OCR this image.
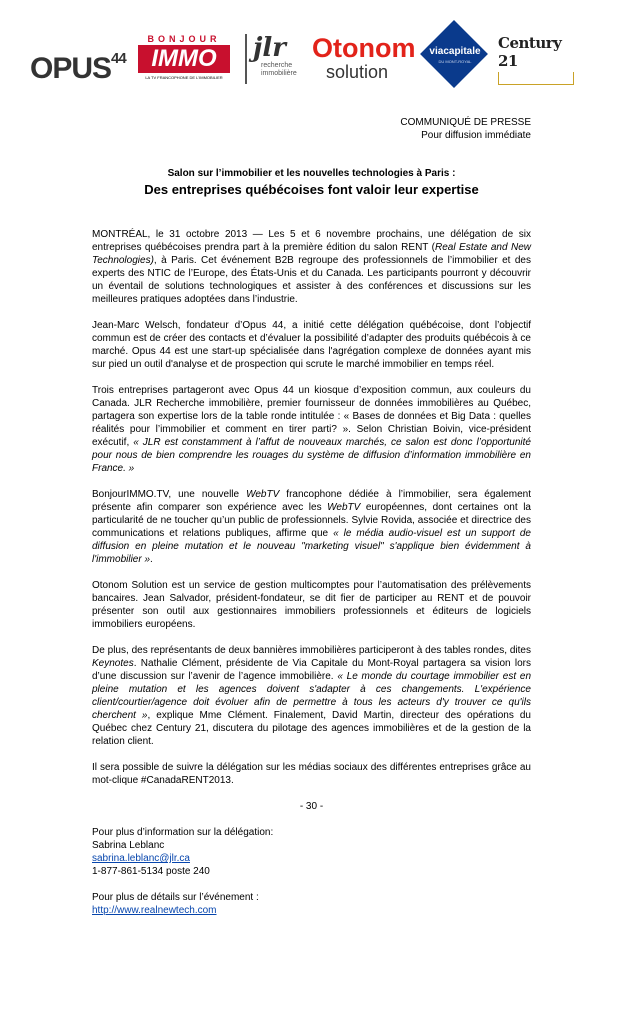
OPUS$^{44}$
BONJOUR
IMMO
LA TV FRANCOPHONE DE L'IMMOBILIER
jlr
recherche
immobilière
Otonom
solution
viacapitale
DU MONT-ROYAL
Century 21
COMMUNIQUÉ DE PRESSE
Pour diffusion immédiate
Salon sur l’immobilier et les nouvelles technologies à Paris :
Des entreprises québécoises font valoir leur expertise

MONTRÉAL, le 31 octobre 2013 — Les 5 et 6 novembre prochains, une délégation de six entreprises québécoises prendra part à la première édition du salon RENT (Real Estate and New Technologies), à Paris. Cet événement B2B regroupe des professionnels de l’immobilier et des experts des NTIC de l’Europe, des États-Unis et du Canada. Les participants pourront y découvrir un éventail de solutions technologiques et assister à des conférences et discussions sur les meilleures pratiques adoptées dans l’industrie.

Jean-Marc Welsch, fondateur d’Opus 44, a initié cette délégation québécoise, dont l’objectif commun est de créer des contacts et d’évaluer la possibilité d’adapter des produits québécois à ce marché. Opus 44 est une start-up spécialisée dans l'agrégation complexe de données ayant mis sur pied un outil d'analyse et de prospection qui scrute le marché immobilier en temps réel.

Trois entreprises partageront avec Opus 44 un kiosque d’exposition commun, aux couleurs du Canada. JLR Recherche immobilière, premier fournisseur de données immobilières au Québec, partagera son expertise lors de la table ronde intitulée : « Bases de données et Big Data : quelles réalités pour l’immobilier et comment en tirer parti? ». Selon Christian Boivin, vice-président exécutif, « JLR est constamment à l’affut de nouveaux marchés, ce salon est donc l’opportunité pour nous de bien comprendre les rouages du système de diffusion d’information immobilière en France. »

BonjourIMMO.TV, une nouvelle WebTV francophone dédiée à l’immobilier, sera également présente afin comparer son expérience avec les WebTV européennes, dont certaines ont la particularité de ne toucher qu’un public de professionnels. Sylvie Rovida, associée et directrice des communications et relations publiques, affirme que « le média audio-visuel est un support de diffusion en pleine mutation et le nouveau "marketing visuel" s'applique bien évidemment à l'immobilier ».

Otonom Solution est un service de gestion multicomptes pour l’automatisation des prélèvements bancaires. Jean Salvador, président-fondateur, se dit fier de participer au RENT et de pouvoir présenter son outil aux gestionnaires immobiliers professionnels et éditeurs de logiciels immobiliers européens.

De plus, des représentants de deux bannières immobilières participeront à des tables rondes, dites Keynotes. Nathalie Clément, présidente de Via Capitale du Mont-Royal partagera sa vision lors d’une discussion sur l’avenir de l’agence immobilière. « Le monde du courtage immobilier est en pleine mutation et les agences doivent s'adapter à ces changements. L'expérience client/courtier/agence doit évoluer afin de permettre à tous les acteurs d'y trouver ce qu'ils cherchent », explique Mme Clément. Finalement, David Martin, directeur des opérations du Québec chez Century 21, discutera du pilotage des agences immobilières et de la gestion de la relation client.

Il sera possible de suivre la délégation sur les médias sociaux des différentes entreprises grâce au mot-clique #CanadaRENT2013.

- 30 -
Pour plus d’information sur la délégation:
Sabrina Leblanc
sabrina.leblanc@jlr.ca
1-877-861-5134 poste 240
Pour plus de détails sur l’événement :
http://www.realnewtech.com
